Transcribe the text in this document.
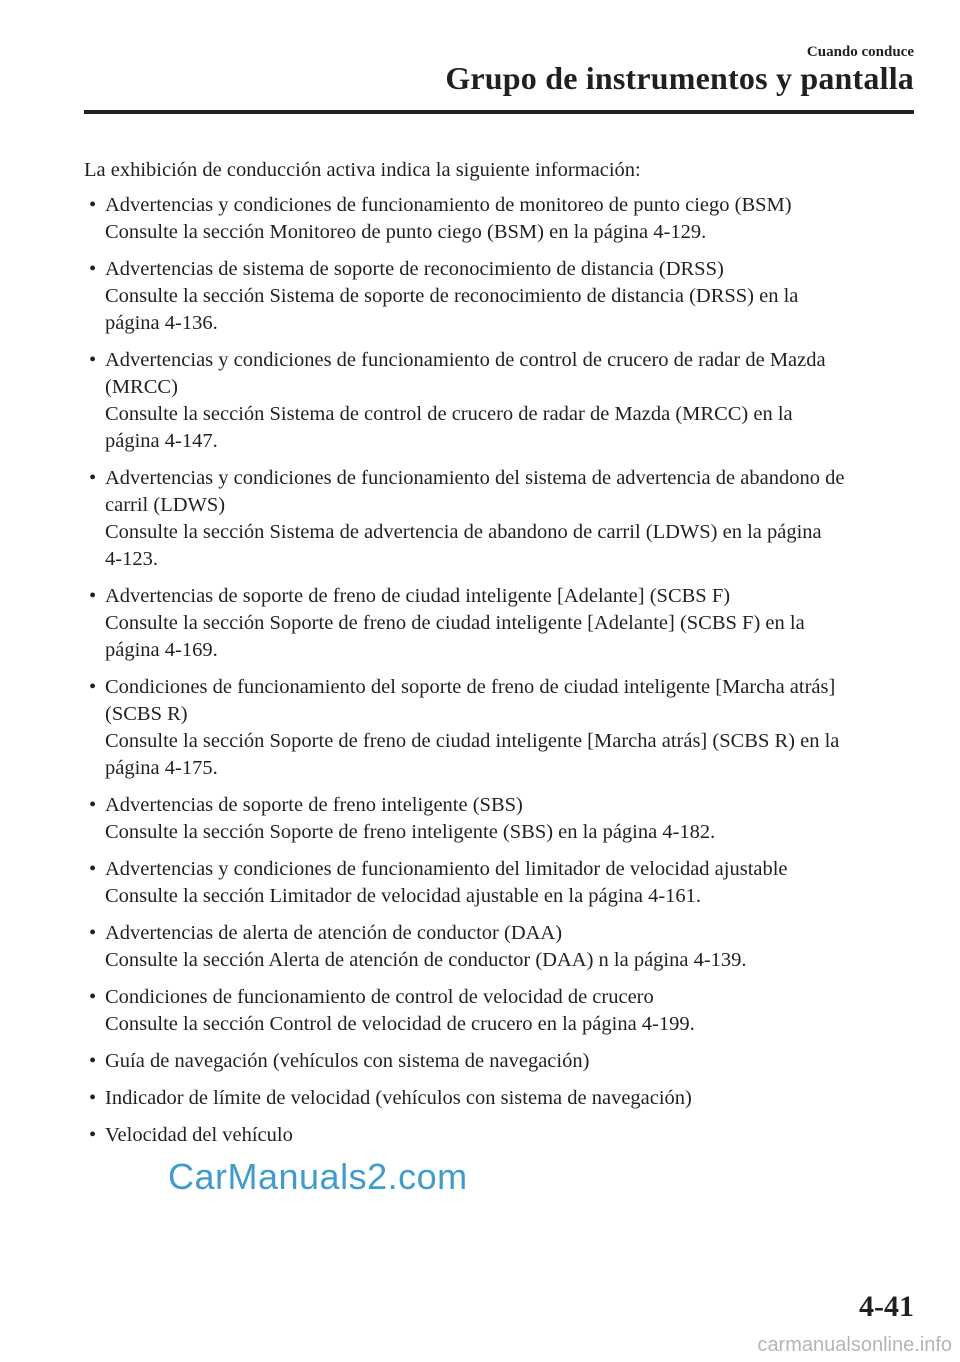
Cuando conduce
Grupo de instrumentos y pantalla

La exhibición de conducción activa indica la siguiente información:

• Advertencias y condiciones de funcionamiento de monitoreo de punto ciego (BSM)
Consulte la sección Monitoreo de punto ciego (BSM) en la página 4-129.
• Advertencias de sistema de soporte de reconocimiento de distancia (DRSS)
Consulte la sección Sistema de soporte de reconocimiento de distancia (DRSS) en la
página 4-136.
• Advertencias y condiciones de funcionamiento de control de crucero de radar de Mazda
(MRCC)
Consulte la sección Sistema de control de crucero de radar de Mazda (MRCC) en la
página 4-147.
• Advertencias y condiciones de funcionamiento del sistema de advertencia de abandono de
carril (LDWS)
Consulte la sección Sistema de advertencia de abandono de carril (LDWS) en la página
4-123.
• Advertencias de soporte de freno de ciudad inteligente [Adelante] (SCBS F)
Consulte la sección Soporte de freno de ciudad inteligente [Adelante] (SCBS F) en la
página 4-169.
• Condiciones de funcionamiento del soporte de freno de ciudad inteligente [Marcha atrás]
(SCBS R)
Consulte la sección Soporte de freno de ciudad inteligente [Marcha atrás] (SCBS R) en la
página 4-175.
• Advertencias de soporte de freno inteligente (SBS)
Consulte la sección Soporte de freno inteligente (SBS) en la página 4-182.
• Advertencias y condiciones de funcionamiento del limitador de velocidad ajustable
Consulte la sección Limitador de velocidad ajustable en la página 4-161.
• Advertencias de alerta de atención de conductor (DAA)
Consulte la sección Alerta de atención de conductor (DAA) n la página 4-139.
• Condiciones de funcionamiento de control de velocidad de crucero
Consulte la sección Control de velocidad de crucero en la página 4-199.
• Guía de navegación (vehículos con sistema de navegación)
• Indicador de límite de velocidad (vehículos con sistema de navegación)
• Velocidad del vehículo
CarManuals2.com
4-41
carmanualsonline.info
